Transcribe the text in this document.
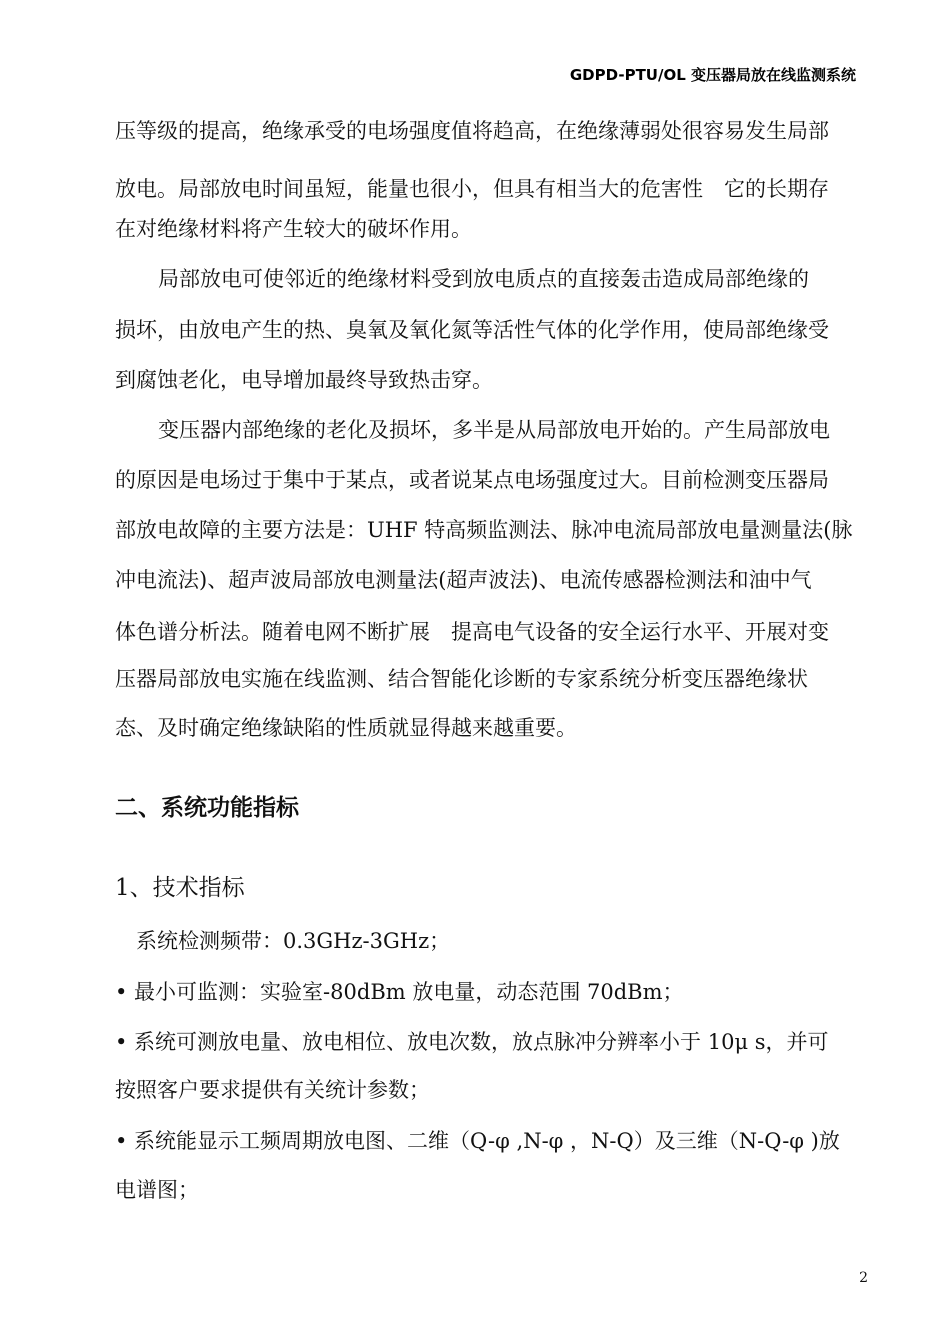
GDPD-PTU/OL 变压器局放在线监测系统
压等级的提高，绝缘承受的电场强度值将趋高，在绝缘薄弱处很容易发生局部
放电。局部放电时间虽短，能量也很小，但具有相当大的危害性　它的长期存
在对绝缘材料将产生较大的破坏作用。
局部放电可使邻近的绝缘材料受到放电质点的直接轰击造成局部绝缘的
损坏，由放电产生的热、臭氧及氧化氮等活性气体的化学作用，使局部绝缘受
到腐蚀老化，电导增加最终导致热击穿。
变压器内部绝缘的老化及损坏，多半是从局部放电开始的。产生局部放电
的原因是电场过于集中于某点，或者说某点电场强度过大。目前检测变压器局
部放电故障的主要方法是：UHF 特高频监测法、脉冲电流局部放电量测量法(脉
冲电流法)、超声波局部放电测量法(超声波法)、电流传感器检测法和油中气
体色谱分析法。随着电网不断扩展　提高电气设备的安全运行水平、开展对变
压器局部放电实施在线监测、结合智能化诊断的专家系统分析变压器绝缘状
态、及时确定绝缘缺陷的性质就显得越来越重要。
二、系统功能指标
1、技术指标
系统检测频带：0.3GHz-3GHz；
• 最小可监测：实验室-80dBm 放电量，动态范围 70dBm；
• 系统可测放电量、放电相位、放电次数，放点脉冲分辨率小于 10μ s，并可
按照客户要求提供有关统计参数；
• 系统能显示工频周期放电图、二维（Q-φ ,N-φ ，N-Q）及三维（N-Q-φ )放
电谱图；
2
